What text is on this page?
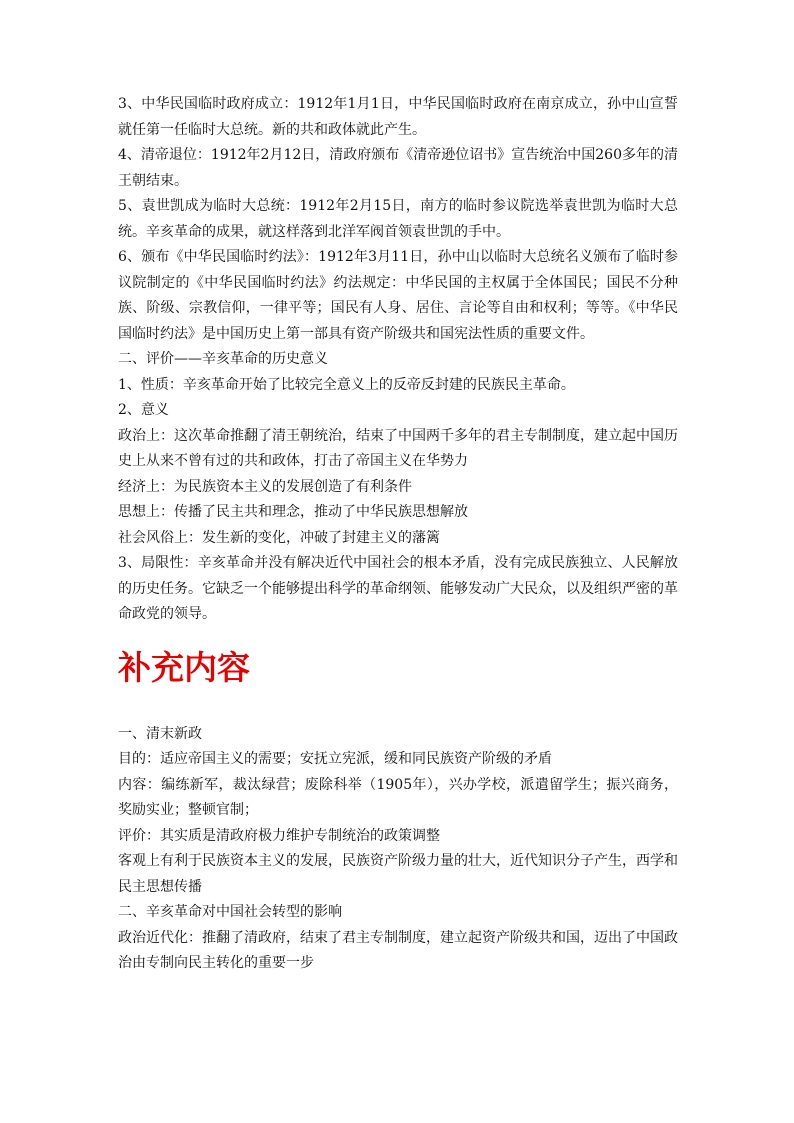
3、中华民国临时政府成立：1912年1月1日，中华民国临时政府在南京成立，孙中山宣誓就任第一任临时大总统。新的共和政体就此产生。

4、清帝退位：1912年2月12日，清政府颁布《清帝逊位诏书》宣告统治中国260多年的清王朝结束。

5、袁世凯成为临时大总统：1912年2月15日，南方的临时参议院选举袁世凯为临时大总统。辛亥革命的成果，就这样落到北洋军阀首领袁世凯的手中。

6、颁布《中华民国临时约法》：1912年3月11日，孙中山以临时大总统名义颁布了临时参议院制定的《中华民国临时约法》约法规定：中华民国的主权属于全体国民；国民不分种族、阶级、宗教信仰，一律平等；国民有人身、居住、言论等自由和权利；等等。《中华民国临时约法》是中国历史上第一部具有资产阶级共和国宪法性质的重要文件。

二、评价——辛亥革命的历史意义

1、性质：辛亥革命开始了比较完全意义上的反帝反封建的民族民主革命。

2、意义

政治上：这次革命推翻了清王朝统治，结束了中国两千多年的君主专制制度，建立起中国历史上从来不曾有过的共和政体，打击了帝国主义在华势力

经济上：为民族资本主义的发展创造了有利条件

思想上：传播了民主共和理念，推动了中华民族思想解放

社会风俗上：发生新的变化，冲破了封建主义的藩篱

3、局限性：辛亥革命并没有解决近代中国社会的根本矛盾，没有完成民族独立、人民解放的历史任务。它缺乏一个能够提出科学的革命纲领、能够发动广大民众，以及组织严密的革命政党的领导。

补充内容

一、清末新政

目的：适应帝国主义的需要；安抚立宪派，缓和同民族资产阶级的矛盾

内容：编练新军，裁汰绿营；废除科举（1905年），兴办学校，派遣留学生；振兴商务，奖励实业；整顿官制；

评价：其实质是清政府极力维护专制统治的政策调整

客观上有利于民族资本主义的发展，民族资产阶级力量的壮大，近代知识分子产生，西学和民主思想传播

二、辛亥革命对中国社会转型的影响

政治近代化：推翻了清政府，结束了君主专制制度，建立起资产阶级共和国，迈出了中国政治由专制向民主转化的重要一步
